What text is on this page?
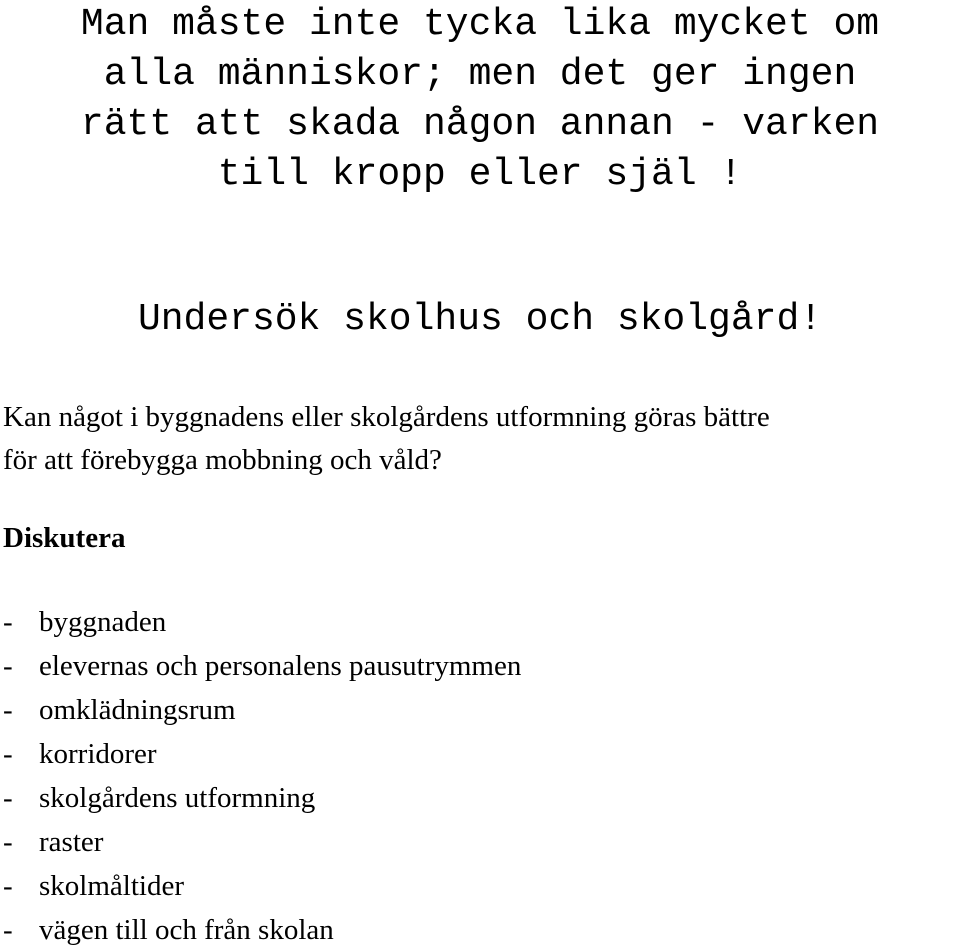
Man måste inte tycka lika mycket om
alla människor; men det ger ingen
rätt att skada någon annan - varken
till kropp eller själ !

Undersök skolhus och skolgård!

Kan något i byggnadens eller skolgårdens utformning göras bättre
för att förebygga mobbning och våld?

Diskutera

- byggnaden
- elevernas och personalens pausutrymmen
- omklädningsrum
- korridorer
- skolgårdens utformning
- raster
- skolmåltider
- vägen till och från skolan
